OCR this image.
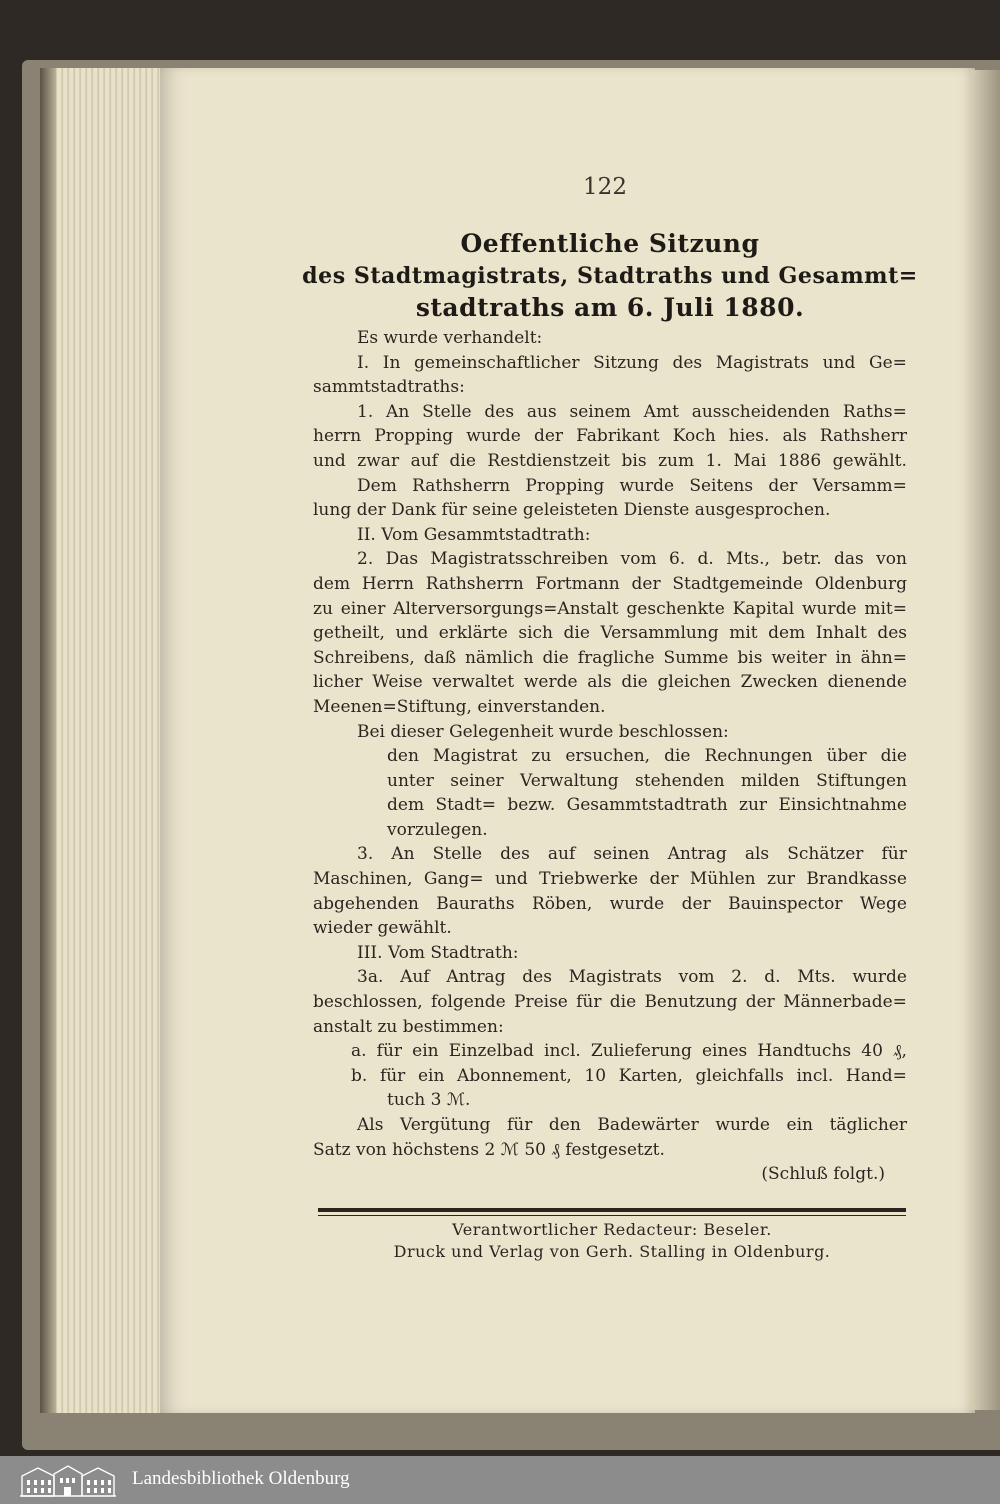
122
Oeffentliche Sitzung
des Stadtmagistrats, Stadtraths und Gesammt=
stadtraths am 6. Juli 1880.
Es wurde verhandelt:
I. In gemeinschaftlicher Sitzung des Magistrats und Ge=
sammtstadtraths:
1. An Stelle des aus seinem Amt ausscheidenden Raths=
herrn Propping wurde der Fabrikant Koch hies. als Rathsherr
und zwar auf die Restdienstzeit bis zum 1. Mai 1886 gewählt.
Dem Rathsherrn Propping wurde Seitens der Versamm=
lung der Dank für seine geleisteten Dienste ausgesprochen.
II. Vom Gesammtstadtrath:
2. Das Magistratsschreiben vom 6. d. Mts., betr. das von
dem Herrn Rathsherrn Fortmann der Stadtgemeinde Oldenburg
zu einer Alterversorgungs=Anstalt geschenkte Kapital wurde mit=
getheilt, und erklärte sich die Versammlung mit dem Inhalt des
Schreibens, daß nämlich die fragliche Summe bis weiter in ähn=
licher Weise verwaltet werde als die gleichen Zwecken dienende
Meenen=Stiftung, einverstanden.
Bei dieser Gelegenheit wurde beschlossen:
den Magistrat zu ersuchen, die Rechnungen über die
unter seiner Verwaltung stehenden milden Stiftungen
dem Stadt= bezw. Gesammtstadtrath zur Einsichtnahme
vorzulegen.
3. An Stelle des auf seinen Antrag als Schätzer für
Maschinen, Gang= und Triebwerke der Mühlen zur Brandkasse
abgehenden Bauraths Röben, wurde der Bauinspector Wege
wieder gewählt.
III. Vom Stadtrath:
3a. Auf Antrag des Magistrats vom 2. d. Mts. wurde
beschlossen, folgende Preise für die Benutzung der Männerbade=
anstalt zu bestimmen:
a. für ein Einzelbad incl. Zulieferung eines Handtuchs 40 ₰,
b. für ein Abonnement, 10 Karten, gleichfalls incl. Hand=
tuch 3 ℳ.
Als Vergütung für den Badewärter wurde ein täglicher
Satz von höchstens 2 ℳ 50 ₰ festgesetzt.
(Schluß folgt.)
Verantwortlicher Redacteur: Beseler.
Druck und Verlag von Gerh. Stalling in Oldenburg.
Landesbibliothek Oldenburg
